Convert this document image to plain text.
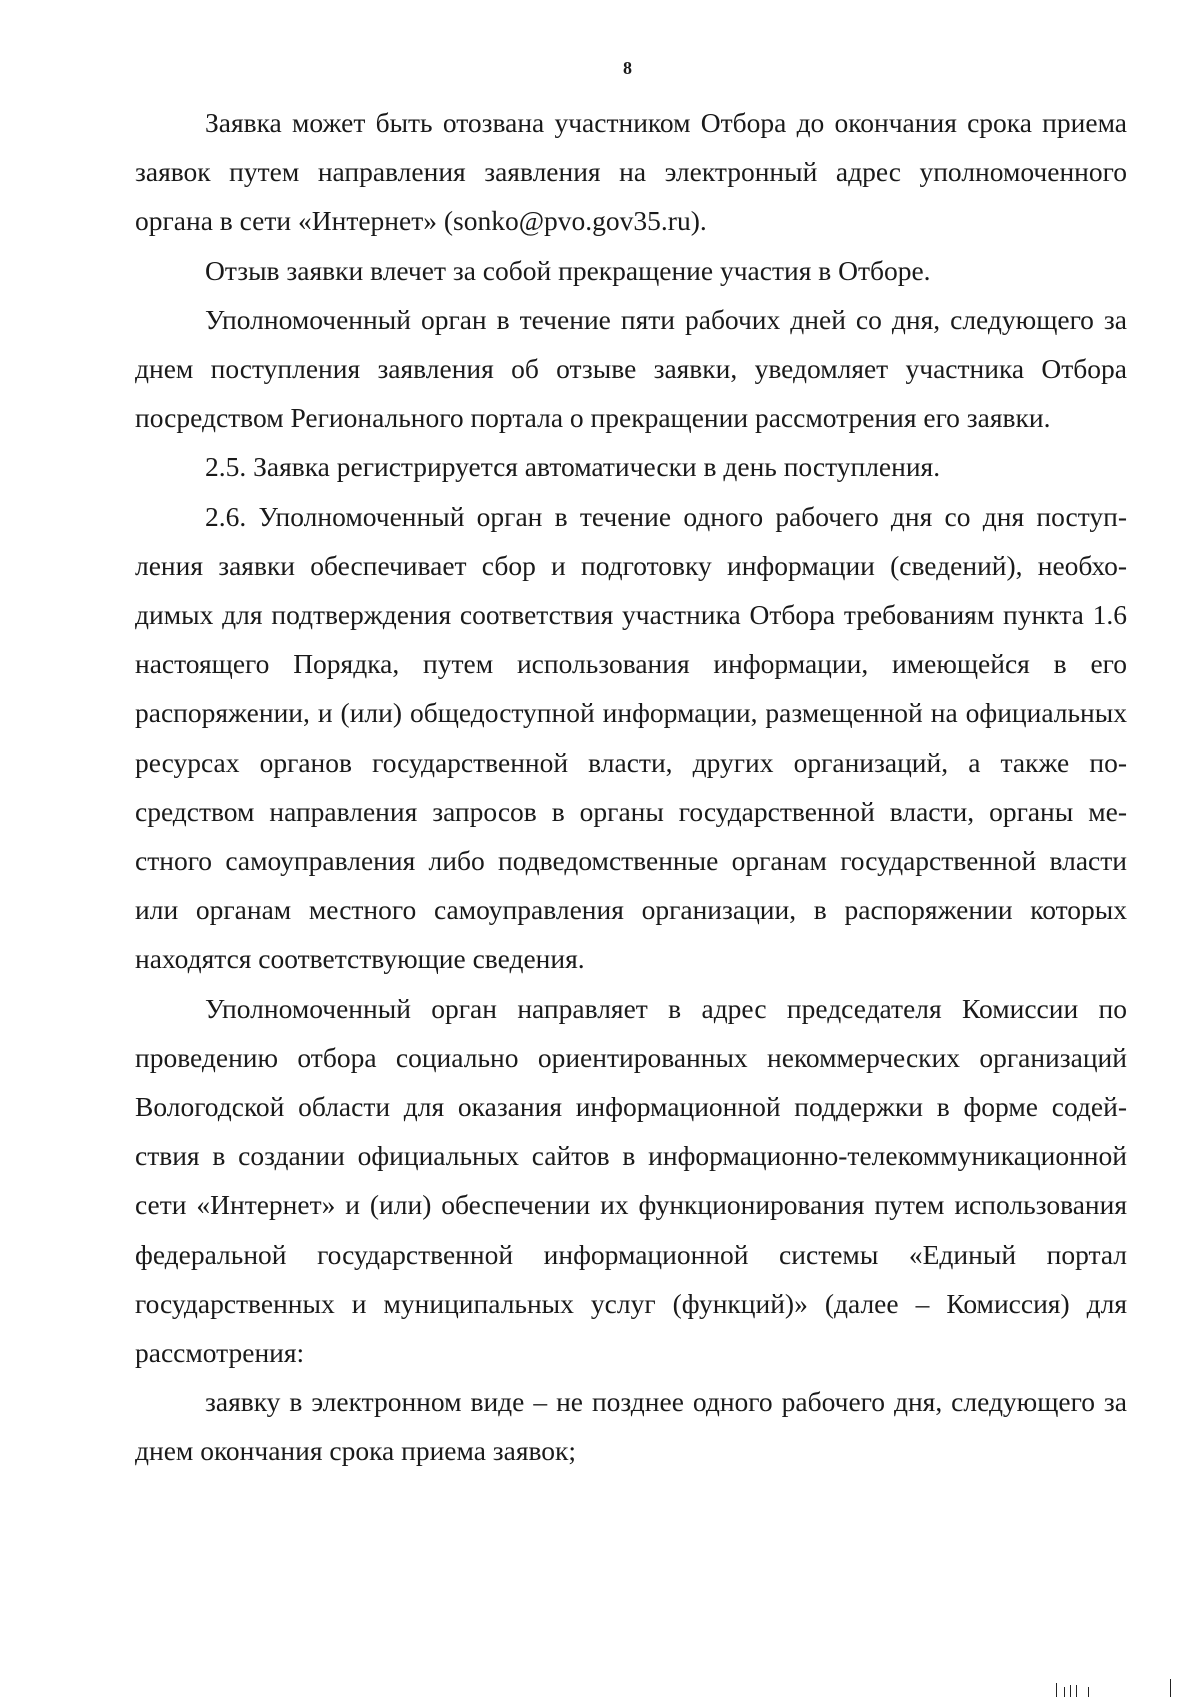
8

Заявка может быть отозвана участником Отбора до окончания срока приема заявок путем направления заявления на электронный адрес уполномоченного органа в сети «Интернет» (sonko@pvo.gov35.ru).

Отзыв заявки влечет за собой прекращение участия в Отборе.

Уполномоченный орган в течение пяти рабочих дней со дня, следующего за днем поступления заявления об отзыве заявки, уведомляет участника Отбора посредством Регионального портала о прекращении рассмотрения его заявки.

2.5. Заявка регистрируется автоматически в день поступления.

2.6. Уполномоченный орган в течение одного рабочего дня со дня поступления заявки обеспечивает сбор и подготовку информации (сведений), необходимых для подтверждения соответствия участника Отбора требованиям пункта 1.6 настоящего Порядка, путем использования информации, имеющейся в его распоряжении, и (или) общедоступной информации, размещенной на официальных ресурсах органов государственной власти, других организаций, а также посредством направления запросов в органы государственной власти, органы местного самоуправления либо подведомственные органам государственной власти или органам местного самоуправления организации, в распоряжении которых находятся соответствующие сведения.

Уполномоченный орган направляет в адрес председателя Комиссии по проведению отбора социально ориентированных некоммерческих организаций Вологодской области для оказания информационной поддержки в форме содействия в создании официальных сайтов в информационно-телекоммуникационной сети «Интернет» и (или) обеспечении их функционирования путем использования федеральной государственной информационной системы «Единый портал государственных и муниципальных услуг (функций)» (далее – Комиссия) для рассмотрения:

заявку в электронном виде – не позднее одного рабочего дня, следующего за днем окончания срока приема заявок;
